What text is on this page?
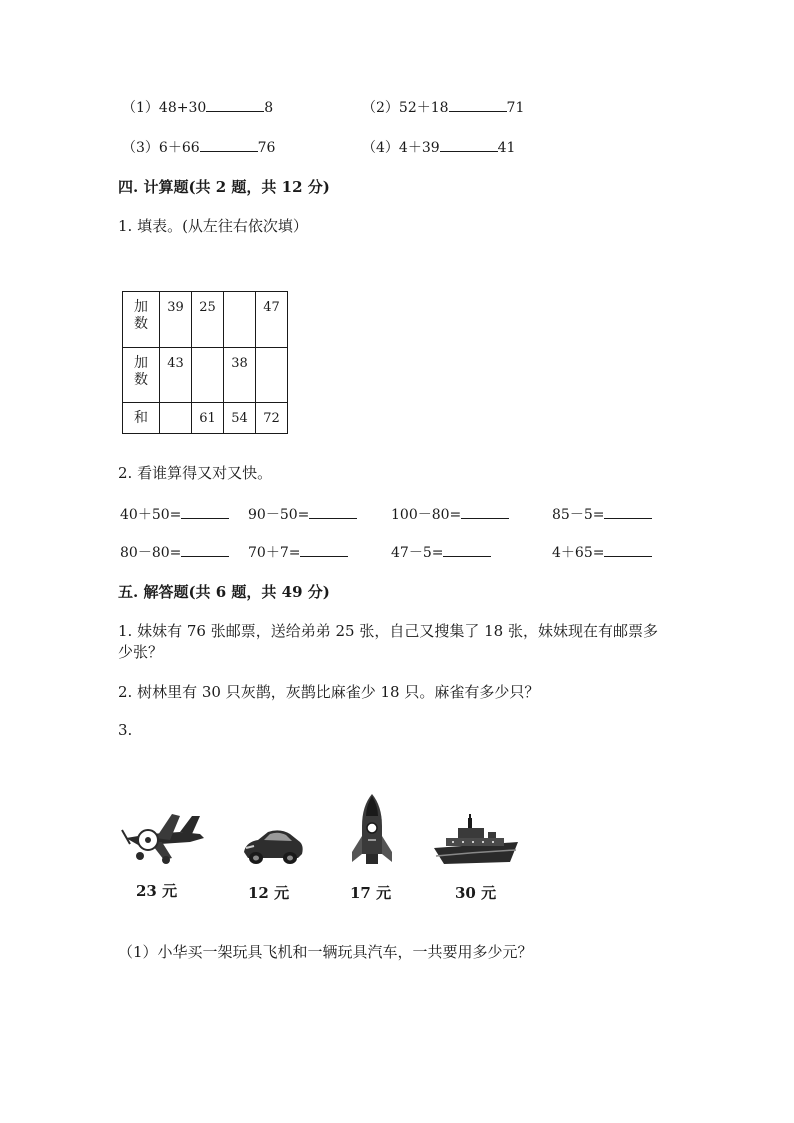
（1）48+30	8	（2）52＋18	71
（3）6＋66	76	（4）4＋39	41
四. 计算题(共 2 题，共 12 分)
1. 填表。(从左往右依次填）
加数	39	25		47
加数	43		38	
和		61	54	72
2. 看谁算得又对又快。
40＋50=	90－50=	100－80=	85－5=
80－80=	70＋7=	47－5=	4＋65=
五. 解答题(共 6 题，共 49 分)
1. 妹妹有 76 张邮票，送给弟弟 25 张，自己又搜集了 18 张，妹妹现在有邮票多
少张？
2. 树林里有 30 只灰鹊，灰鹊比麻雀少 18 只。麻雀有多少只？
3.
23 元	12 元	17 元	30 元
（1）小华买一架玩具飞机和一辆玩具汽车，一共要用多少元？
